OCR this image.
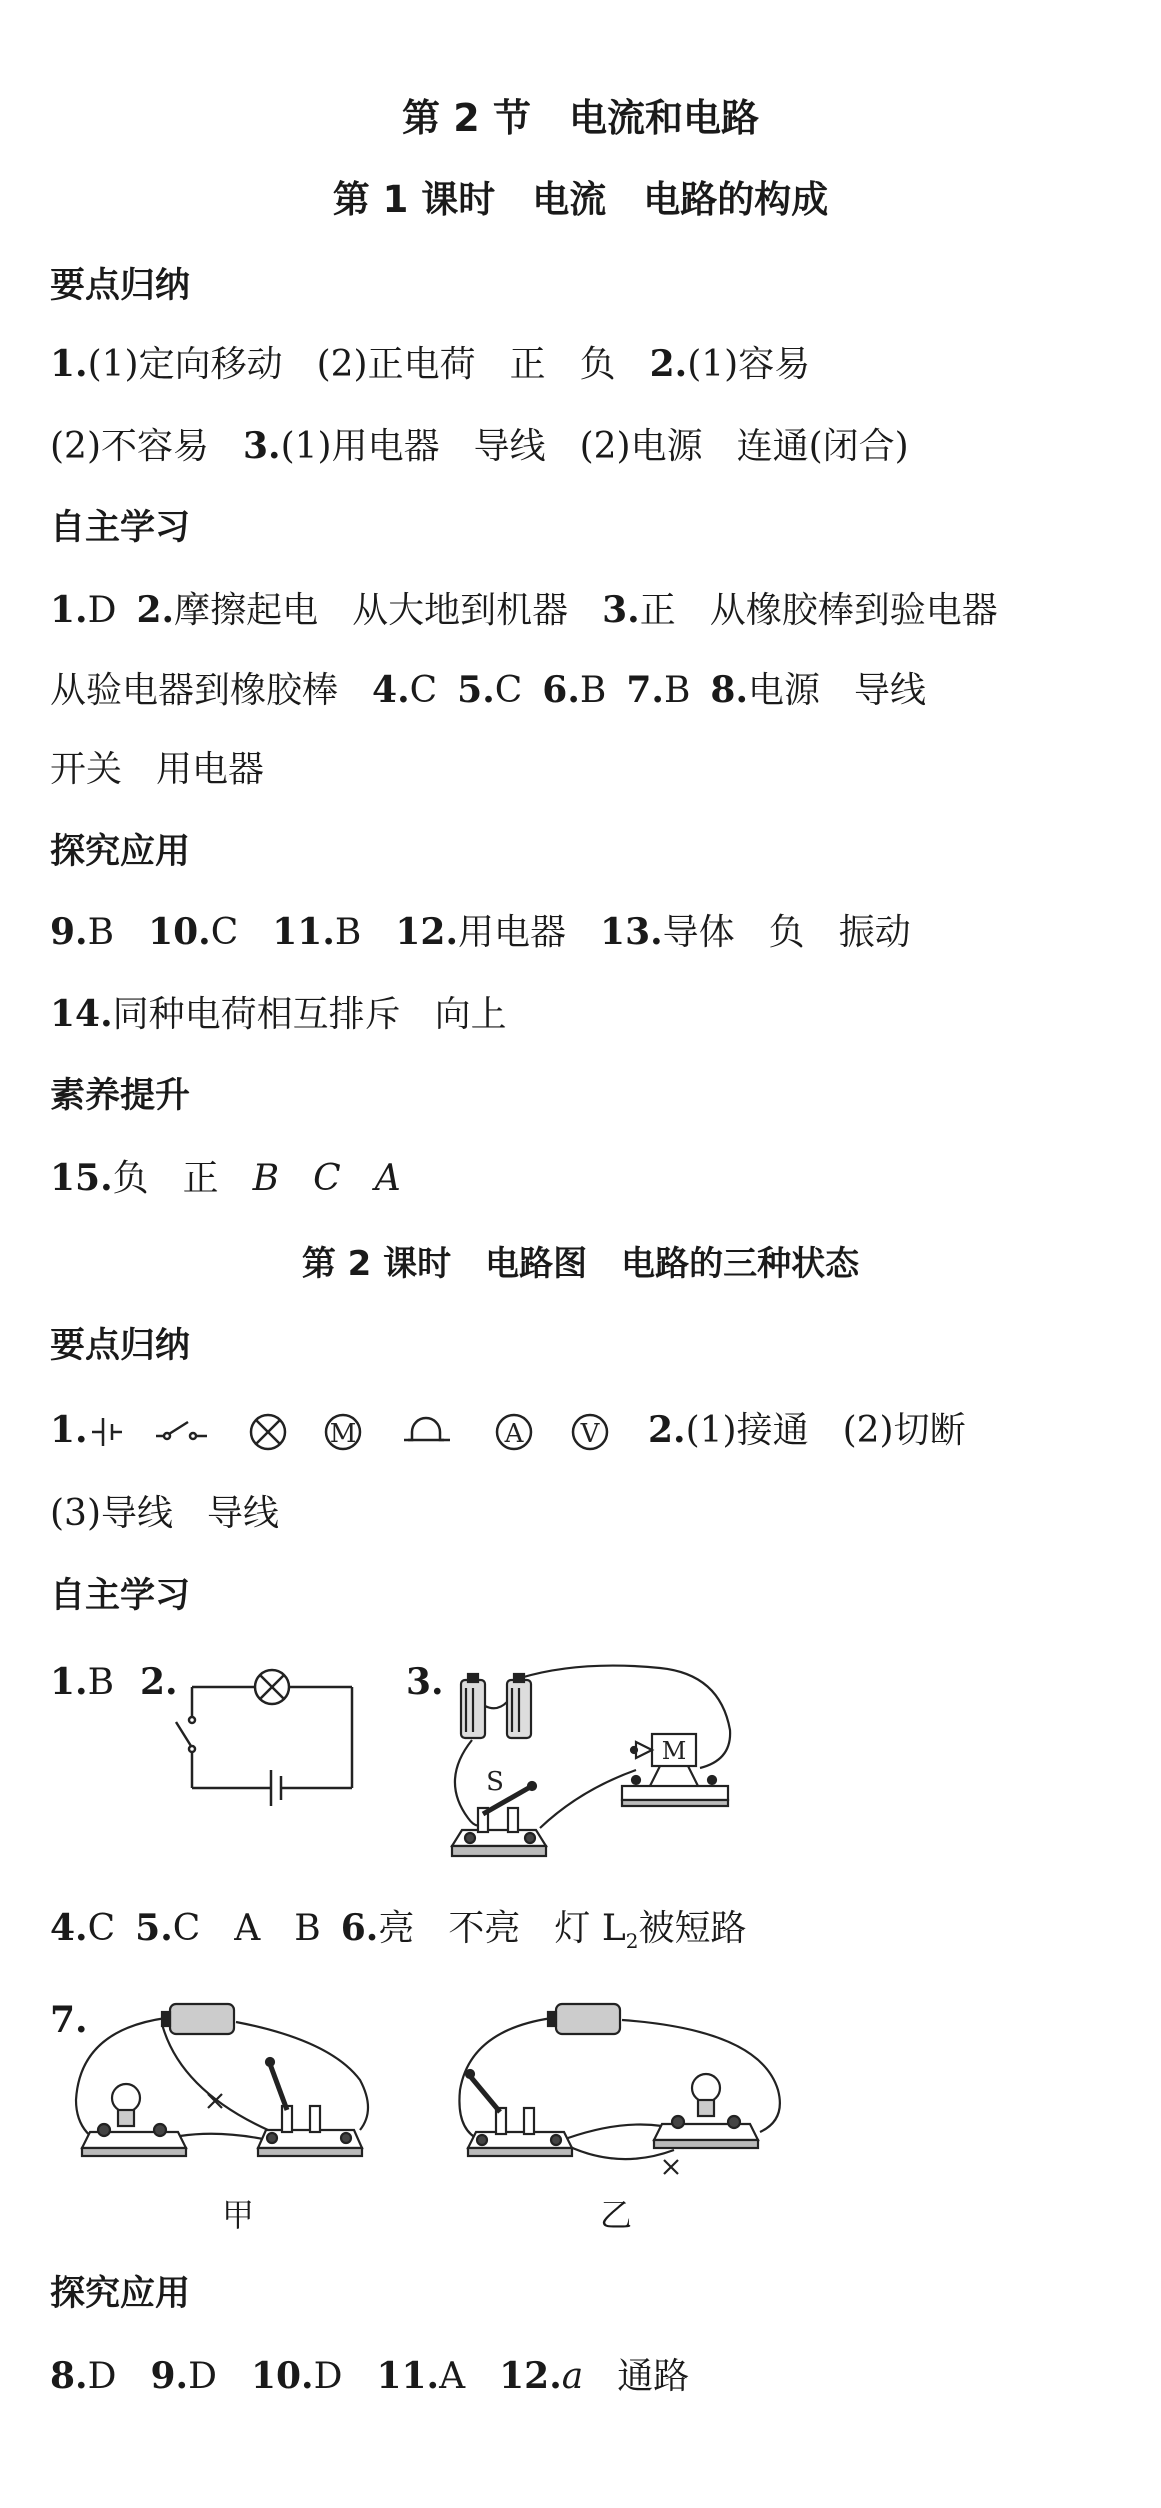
第 2 节　电流和电路
第 1 课时　电流　电路的构成
要点归纳
1.(1)定向移动 (2)正电荷 正 负 2.(1)容易
(2)不容易 3.(1)用电器 导线 (2)电源 连通(闭合)
自主学习
1.D 2.摩擦起电 从大地到机器 3.正 从橡胶棒到验电器
从验电器到橡胶棒 4.C 5.C 6.B 7.B 8.电源 导线
开关 用电器
探究应用
9.B 10.C 11.B 12.用电器 13.导体 负 振动
14.同种电荷相互排斥 向上
素养提升
15.负 正 B C A
第 2 课时　电路图　电路的三种状态
要点归纳
1.	M	A V 2.(1)接通 (2)切断
(3)导线 导线
自主学习
1.B 2.	3.
S
M
4.C 5.C A B 6.亮 不亮 灯 $L_2$被短路
7.
甲	乙
探究应用
8.D 9.D 10.D 11.A 12.a 通路
